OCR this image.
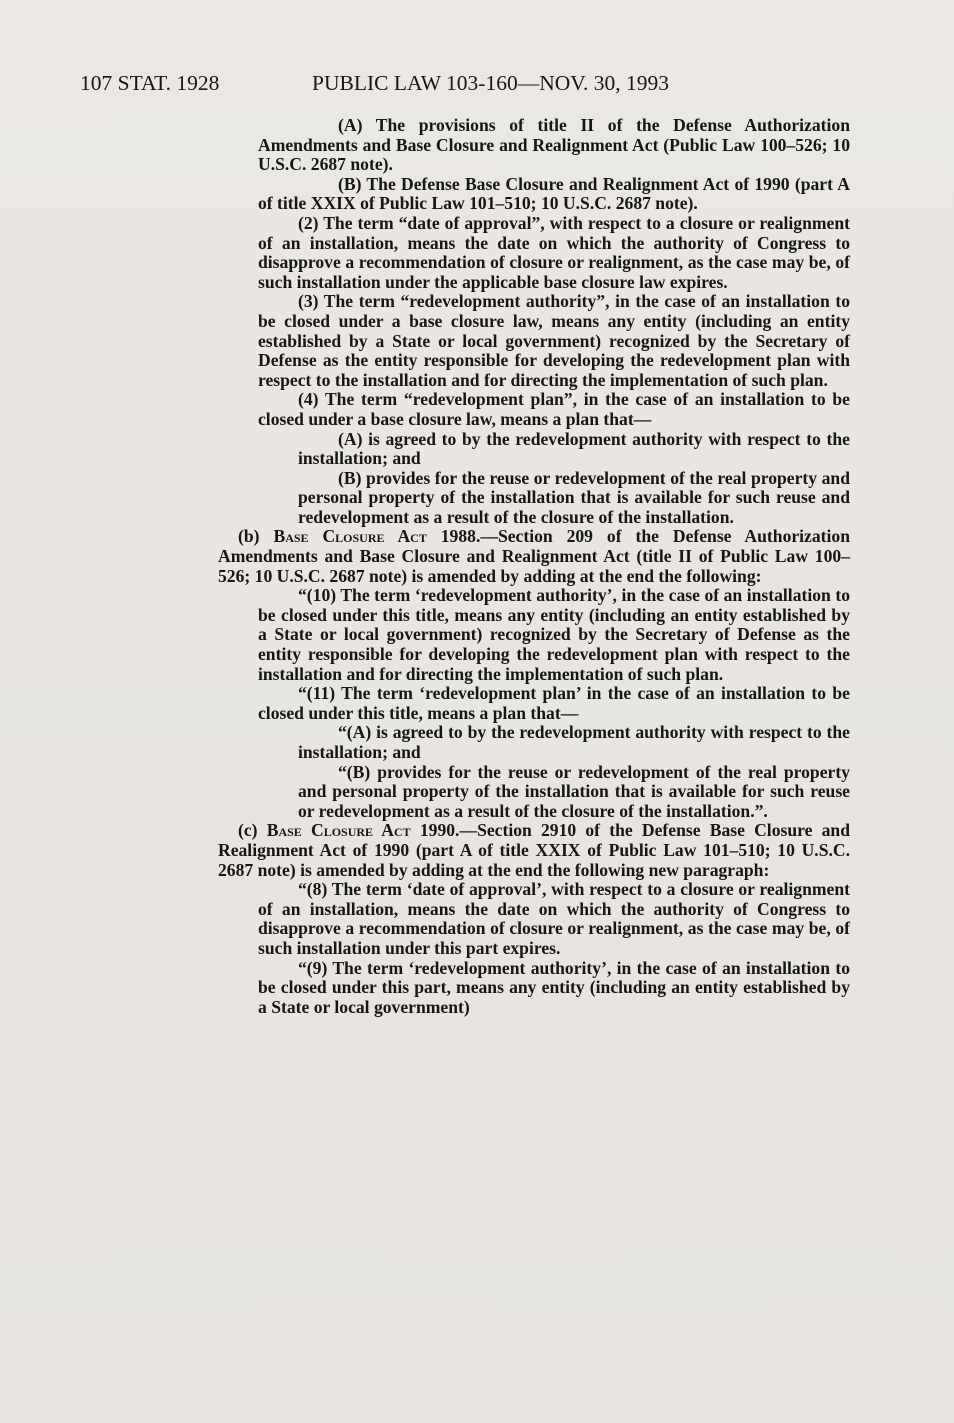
107 STAT. 1928	PUBLIC LAW 103-160—NOV. 30, 1993

(A) The provisions of title II of the Defense Authorization Amendments and Base Closure and Realignment Act (Public Law 100–526; 10 U.S.C. 2687 note).

(B) The Defense Base Closure and Realignment Act of 1990 (part A of title XXIX of Public Law 101–510; 10 U.S.C. 2687 note).

(2) The term “date of approval”, with respect to a closure or realignment of an installation, means the date on which the authority of Congress to disapprove a recommendation of closure or realignment, as the case may be, of such installation under the applicable base closure law expires.

(3) The term “redevelopment authority”, in the case of an installation to be closed under a base closure law, means any entity (including an entity established by a State or local government) recognized by the Secretary of Defense as the entity responsible for developing the redevelopment plan with respect to the installation and for directing the implementation of such plan.

(4) The term “redevelopment plan”, in the case of an installation to be closed under a base closure law, means a plan that—

(A) is agreed to by the redevelopment authority with respect to the installation; and

(B) provides for the reuse or redevelopment of the real property and personal property of the installation that is available for such reuse and redevelopment as a result of the closure of the installation.

(b) Base Closure Act 1988.—Section 209 of the Defense Authorization Amendments and Base Closure and Realignment Act (title II of Public Law 100–526; 10 U.S.C. 2687 note) is amended by adding at the end the following:

“(10) The term ‘redevelopment authority’, in the case of an installation to be closed under this title, means any entity (including an entity established by a State or local government) recognized by the Secretary of Defense as the entity responsible for developing the redevelopment plan with respect to the installation and for directing the implementation of such plan.

“(11) The term ‘redevelopment plan’ in the case of an installation to be closed under this title, means a plan that—

“(A) is agreed to by the redevelopment authority with respect to the installation; and

“(B) provides for the reuse or redevelopment of the real property and personal property of the installation that is available for such reuse or redevelopment as a result of the closure of the installation.”.

(c) Base Closure Act 1990.—Section 2910 of the Defense Base Closure and Realignment Act of 1990 (part A of title XXIX of Public Law 101–510; 10 U.S.C. 2687 note) is amended by adding at the end the following new paragraph:

“(8) The term ‘date of approval’, with respect to a closure or realignment of an installation, means the date on which the authority of Congress to disapprove a recommendation of closure or realignment, as the case may be, of such installation under this part expires.

“(9) The term ‘redevelopment authority’, in the case of an installation to be closed under this part, means any entity (including an entity established by a State or local government)
